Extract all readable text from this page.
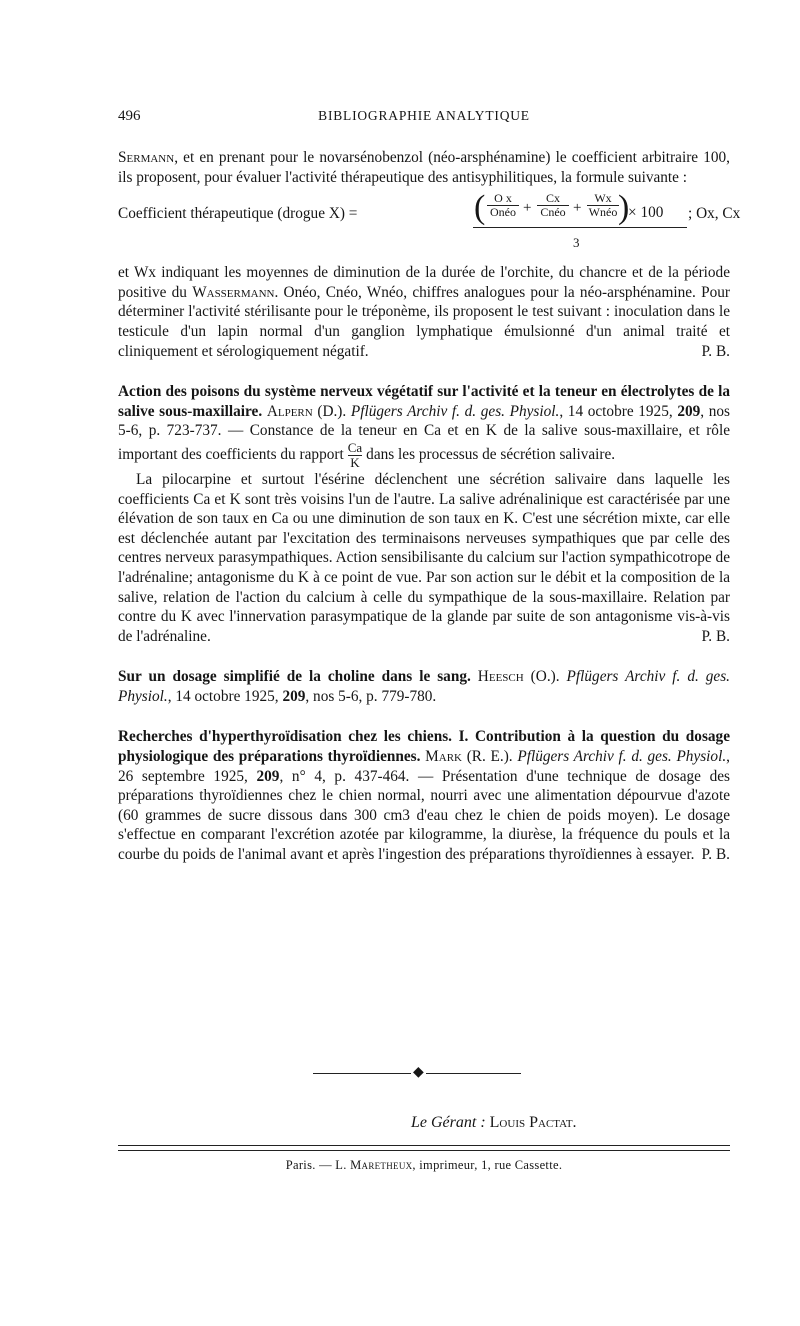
496	BIBLIOGRAPHIE ANALYTIQUE

Sermann, et en prenant pour le novarsénobenzol (néo-arsphénamine) le coefficient arbitraire 100, ils proposent, pour évaluer l'activité thérapeutique des antisyphilitiques, la formule suivante :

Coefficient thérapeutique (drogue X) =	( O x
Onéo +
Cx
Cnéo +
Wx
Wnéo )
× 100
3
; Ox, Cx

et Wx indiquant les moyennes de diminution de la durée de l'orchite, du chancre et de la période positive du Wassermann. Onéo, Cnéo, Wnéo, chiffres analogues pour la néo-arsphénamine. Pour déterminer l'activité stérilisante pour le tréponème, ils proposent le test suivant : inoculation dans le testicule d'un lapin normal d'un ganglion lymphatique émulsionné d'un animal traité et cliniquement et sérologiquement négatif.	P. B.

Action des poisons du système nerveux végétatif sur l'activité et la teneur en électrolytes de la salive sous-maxillaire. Alpern (D.). Pflügers Archiv f. d. ges. Physiol., 14 octobre 1925, 209, nos 5-6, p. 723-737. — Constance de la teneur en Ca et en K de la salive sous-maxillaire, et rôle important des coefficients du rapport $\frac{Ca}{K}$ dans les processus de sécrétion salivaire.

La pilocarpine et surtout l'ésérine déclenchent une sécrétion salivaire dans laquelle les coefficients Ca et K sont très voisins l'un de l'autre. La salive adrénalinique est caractérisée par une élévation de son taux en Ca ou une diminution de son taux en K. C'est une sécrétion mixte, car elle est déclenchée autant par l'excitation des terminaisons nerveuses sympathiques que par celle des centres nerveux parasympathiques. Action sensibilisante du calcium sur l'action sympathicotrope de l'adrénaline; antagonisme du K à ce point de vue. Par son action sur le débit et la composition de la salive, relation de l'action du calcium à celle du sympathique de la sous-maxillaire. Relation par contre du K avec l'innervation parasympatique de la glande par suite de son antagonisme vis-à-vis de l'adrénaline.	P. B.

Sur un dosage simplifié de la choline dans le sang. Heesch (O.). Pflügers Archiv f. d. ges. Physiol., 14 octobre 1925, 209, nos 5-6, p. 779-780.

Recherches d'hyperthyroïdisation chez les chiens. I. Contribution à la question du dosage physiologique des préparations thyroïdiennes. Mark (R. E.). Pflügers Archiv f. d. ges. Physiol., 26 septembre 1925, 209, n° 4, p. 437-464. — Présentation d'une technique de dosage des préparations thyroïdiennes chez le chien normal, nourri avec une alimentation dépourvue d'azote (60 grammes de sucre dissous dans 300 cm3 d'eau chez le chien de poids moyen). Le dosage s'effectue en comparant l'excrétion azotée par kilogramme, la diurèse, la fréquence du pouls et la courbe du poids de l'animal avant et après l'ingestion des préparations thyroïdiennes à essayer. P. B.

◆
Le Gérant : Louis Pactat.
Paris. — L. Maretheux, imprimeur, 1, rue Cassette.
